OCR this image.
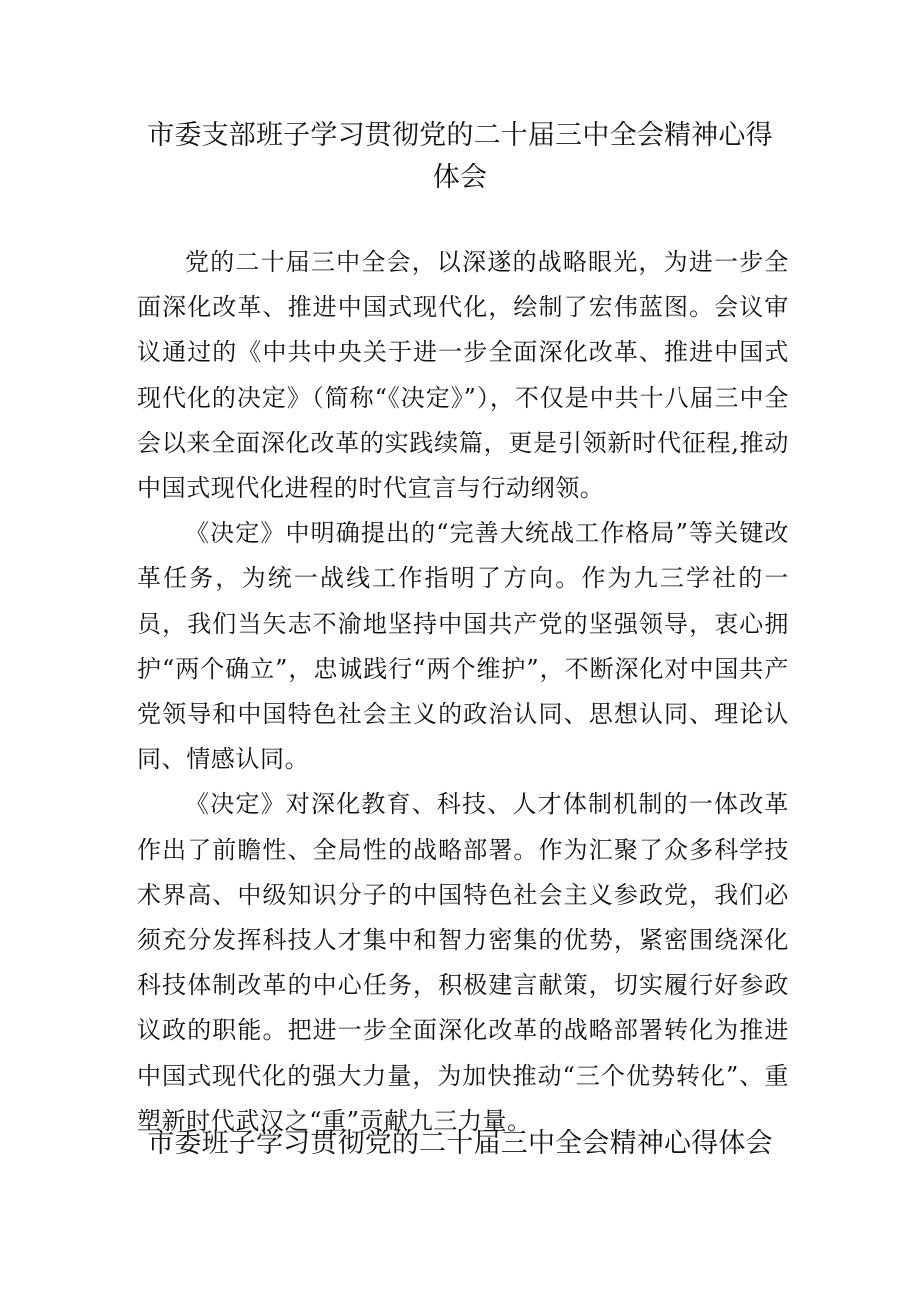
市委支部班子学习贯彻党的二十届三中全会精神心得
体会

党的二十届三中全会，以深遂的战略眼光，为进一步全面深化改革、推进中国式现代化，绘制了宏伟蓝图。会议审议通过的《中共中央关于进一步全面深化改革、推进中国式现代化的决定》（简称“《决定》”），不仅是中共十八届三中全会以来全面深化改革的实践续篇，更是引领新时代征程,推动中国式现代化进程的时代宣言与行动纲领。

《决定》中明确提出的“完善大统战工作格局”等关键改革任务，为统一战线工作指明了方向。作为九三学社的一员，我们当矢志不渝地坚持中国共产党的坚强领导，衷心拥护“两个确立”，忠诚践行“两个维护”，不断深化对中国共产党领导和中国特色社会主义的政治认同、思想认同、理论认同、情感认同。

《决定》对深化教育、科技、人才体制机制的一体改革作出了前瞻性、全局性的战略部署。作为汇聚了众多科学技术界高、中级知识分子的中国特色社会主义参政党，我们必须充分发挥科技人才集中和智力密集的优势，紧密围绕深化科技体制改革的中心任务，积极建言献策，切实履行好参政议政的职能。把进一步全面深化改革的战略部署转化为推进中国式现代化的强大力量，为加快推动“三个优势转化”、重塑新时代武汉之“重”贡献九三力量。

市委班子学习贯彻党的二十届三中全会精神心得体会
